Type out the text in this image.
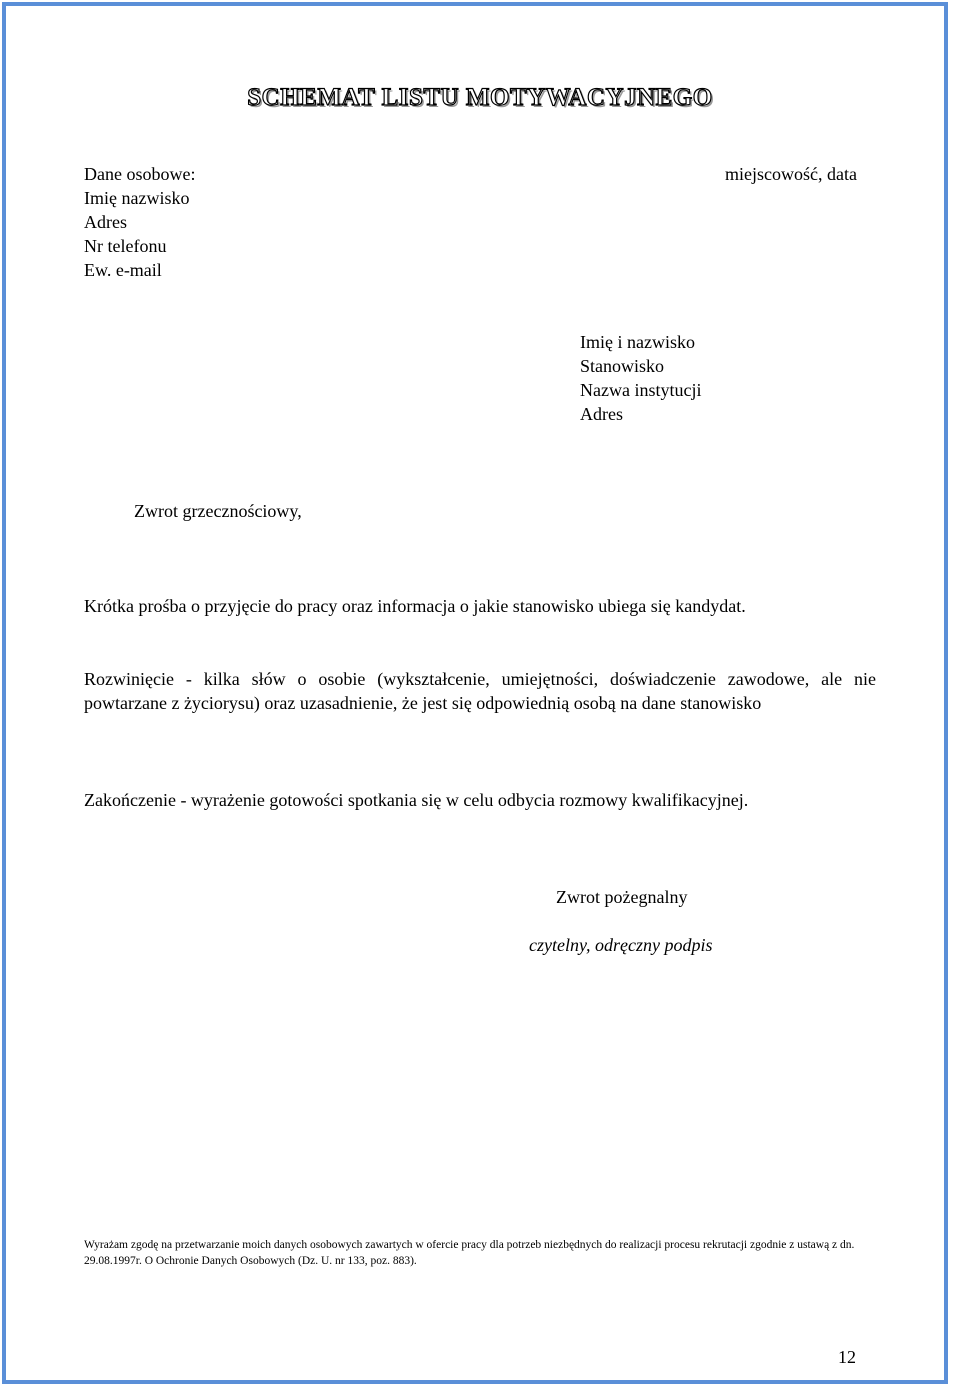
SCHEMAT LISTU MOTYWACYJNEGO
Dane osobowe:
Imię nazwisko
Adres
Nr telefonu
Ew. e-mail
miejscowość, data
Imię i nazwisko
Stanowisko
Nazwa instytucji
Adres
Zwrot grzecznościowy,
Krótka prośba o przyjęcie do pracy oraz informacja o jakie stanowisko ubiega się kandydat.
Rozwinięcie - kilka słów o osobie (wykształcenie, umiejętności, doświadczenie zawodowe, ale nie powtarzane z życiorysu) oraz uzasadnienie, że jest się odpowiednią osobą na dane stanowisko
Zakończenie - wyrażenie gotowości spotkania się w celu odbycia rozmowy kwalifikacyjnej.
Zwrot pożegnalny
czytelny, odręczny podpis
Wyrażam zgodę na przetwarzanie moich danych osobowych zawartych w ofercie pracy dla potrzeb niezbędnych do realizacji procesu rekrutacji zgodnie z ustawą z dn. 29.08.1997r. O Ochronie Danych Osobowych (Dz. U. nr 133, poz. 883).
12
